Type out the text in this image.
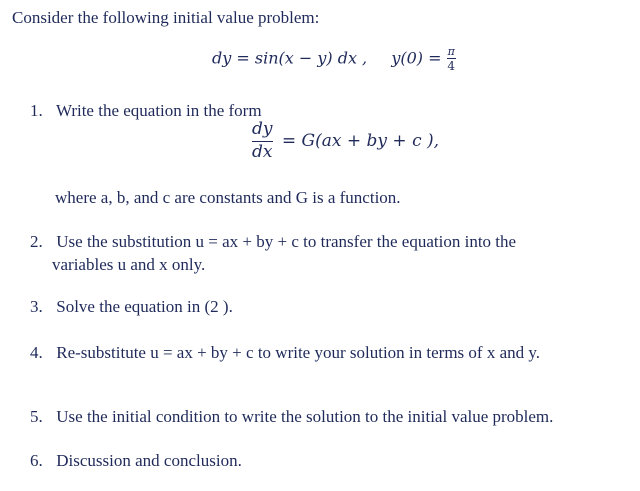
Consider the following initial value problem:
dy = sin(x − y) dx , $y(0) = \frac{\pi}{4}$
1. Write the equation in the form
$\frac{dy}{dx} = G(ax$ + by + c ),
where a, b, and c are constants and G is a function.
2. Use the substitution u = ax + by + c to transfer the equation into the
variables u and x only.
3. Solve the equation in (2 ).
4. Re-substitute u = ax + by + c to write your solution in terms of x and y.
5. Use the initial condition to write the solution to the initial value problem.
6. Discussion and conclusion.
